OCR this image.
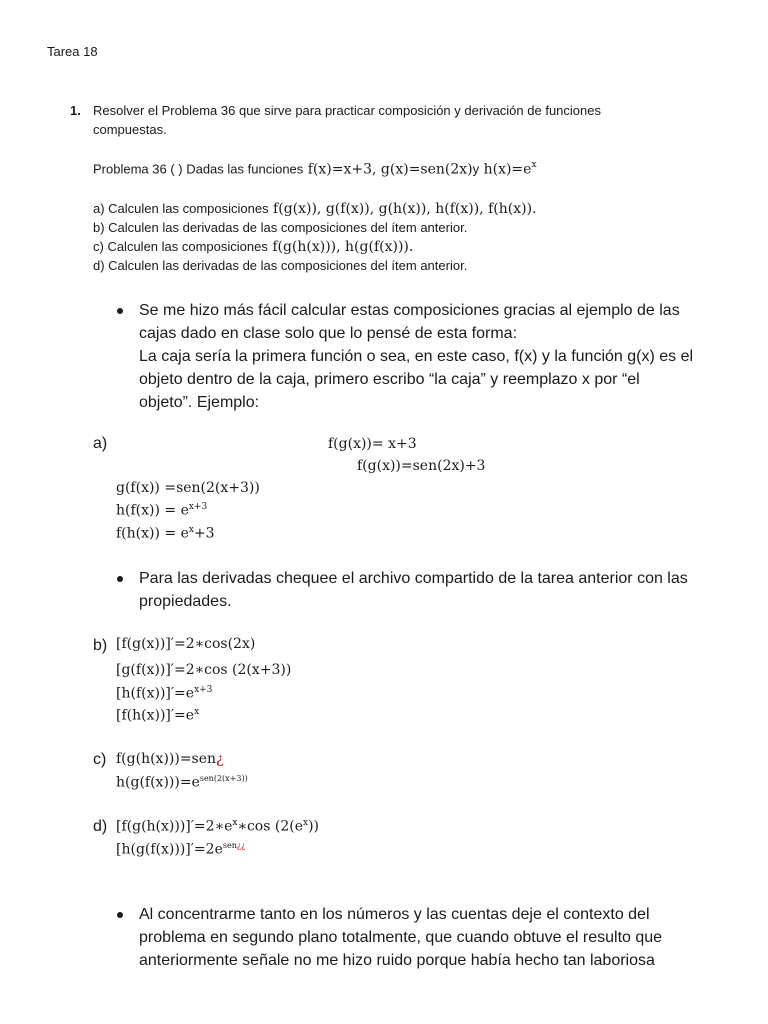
Tarea 18
1. Resolver el Problema 36 que sirve para practicar composición y derivación de funciones
compuestas.
Problema 36 ( ) Dadas las funciones f(x)=x+3, g(x)=sen(2x)y $h(x)=e^x$
a) Calculen las composiciones f(g(x)), g(f(x)), g(h(x)), h(f(x)), f(h(x)).
b) Calculen las derivadas de las composiciones del ítem anterior.
c) Calculen las composiciones f(g(h(x))), h(g(f(x))).
d) Calculen las derivadas de las composiciones del ítem anterior.
Se me hizo más fácil calcular estas composiciones gracias al ejemplo de las
cajas dado en clase solo que lo pensé de esta forma:
La caja sería la primera función o sea, en este caso, f(x) y la función g(x) es el
objeto dentro de la caja, primero escribo “la caja” y reemplazo x por “el
objeto”. Ejemplo:
a)	f(g(x))= x+3
f(g(x))=sen(2x)+3
g(f(x)) =sen(2(x+3))
$h(f(x)) = e^{x+3}$
$f(h(x)) = e^x+3$
Para las derivadas chequee el archivo compartido de la tarea anterior con las
propiedades.
b) [f(g(x))]′=2∗cos(2x)
[g(f(x))]′=2∗cos (2(x+3))
$[h(f(x))]'=e^{x+3}$
$[f(h(x))]'=e^x$
c) f(g(h(x)))=sen¿
$h(g(f(x)))=e^{sen(2(x+3))}$
d) $[f(g(h(x)))]'=2∗e^x∗\cos$ $(2(e^x))$
$[h(g(f(x)))]'=2e^{sen¿¿}$
Al concentrarme tanto en los números y las cuentas deje el contexto del
problema en segundo plano totalmente, que cuando obtuve el resulto que
anteriormente señale no me hizo ruido porque había hecho tan laboriosa
